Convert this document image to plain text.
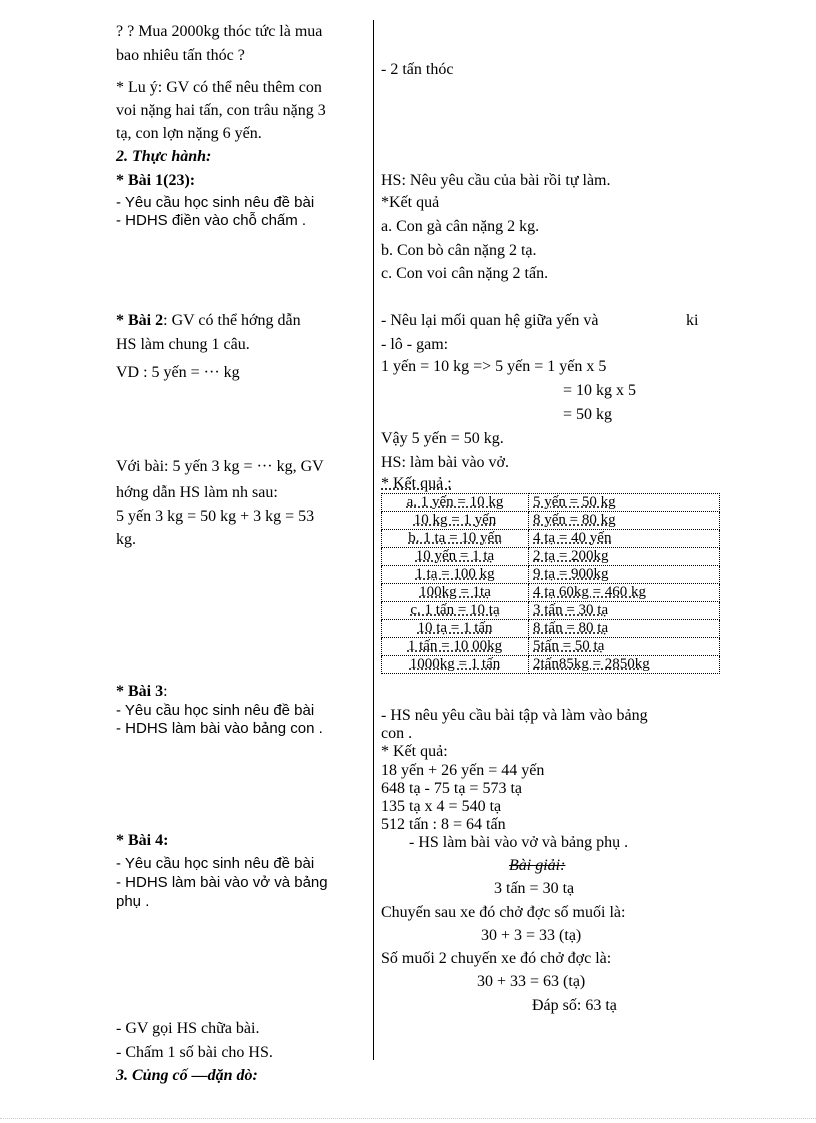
? ? Mua 2000kg thóc tức là mua
bao nhiêu tấn thóc ?
* Lu ý: GV có thể nêu thêm con
voi nặng hai tấn, con trâu nặng 3
tạ, con lợn nặng 6 yến.
2. Thực hành:
* Bài 1(23):
- Yêu cầu học sinh nêu đề bài
- HDHS điền vào chỗ chấm .
* Bài 2: GV có thể hớng dẫn
HS làm chung 1 câu.
VD : 5 yến = ··· kg
Với bài: 5 yến 3 kg = ··· kg, GV
hớng dẫn HS làm nh sau:
5 yến 3 kg = 50 kg + 3 kg = 53
kg.
* Bài 3:
- Yêu cầu học sinh nêu đề bài
- HDHS làm bài vào bảng con .
* Bài 4:
- Yêu cầu học sinh nêu đề bài
- HDHS làm bài vào vở và bảng
phụ .
- GV gọi HS chữa bài.
- Chấm 1 số bài cho HS.
3. Củng cố —dặn dò:
- 2 tấn thóc
HS: Nêu yêu cầu của bài rồi tự làm.
*Kết quả
a. Con gà cân nặng 2 kg.
b. Con bò cân nặng 2 tạ.
c. Con voi cân nặng 2 tấn.
- Nêu lại mối quan hệ giữa yến và	ki
- lô - gam:
1 yến = 10 kg => 5 yến = 1 yến x 5
= 10 kg x 5
= 50 kg
Vậy 5 yến = 50 kg.
HS: làm bài vào vở.
* Kết quả :
a. 1 yến = 10 kg	5 yến = 50 kg
10 kg = 1 yến	8 yến = 80 kg
b. 1 tạ = 10 yến	4 tạ = 40 yến
10 yến = 1 tạ	2 tạ = 200kg
1 tạ = 100 kg	9 tạ = 900kg
100kg = 1tạ	4 tạ 60kg = 460 kg
c. 1 tấn = 10 tạ	3 tấn = 30 tạ
10 tạ = 1 tấn	8 tấn = 80 tạ
1 tấn = 10 00kg	5tấn = 50 tạ
1000kg = 1 tấn	2tấn85kg = 2850kg
- HS nêu yêu cầu bài tập và làm vào bảng
con .
* Kết quả:
18 yến + 26 yến = 44 yến
648 tạ - 75 tạ = 573 tạ
135 tạ x 4 = 540 tạ
512 tấn : 8 = 64 tấn
- HS làm bài vào vở và bảng phụ .
Bài giải:
3 tấn = 30 tạ
Chuyến sau xe đó chở đợc số muối là:
30 + 3 = 33 (tạ)
Số muối 2 chuyến xe đó chở đợc là:
30 + 33 = 63 (tạ)
Đáp số: 63 tạ
